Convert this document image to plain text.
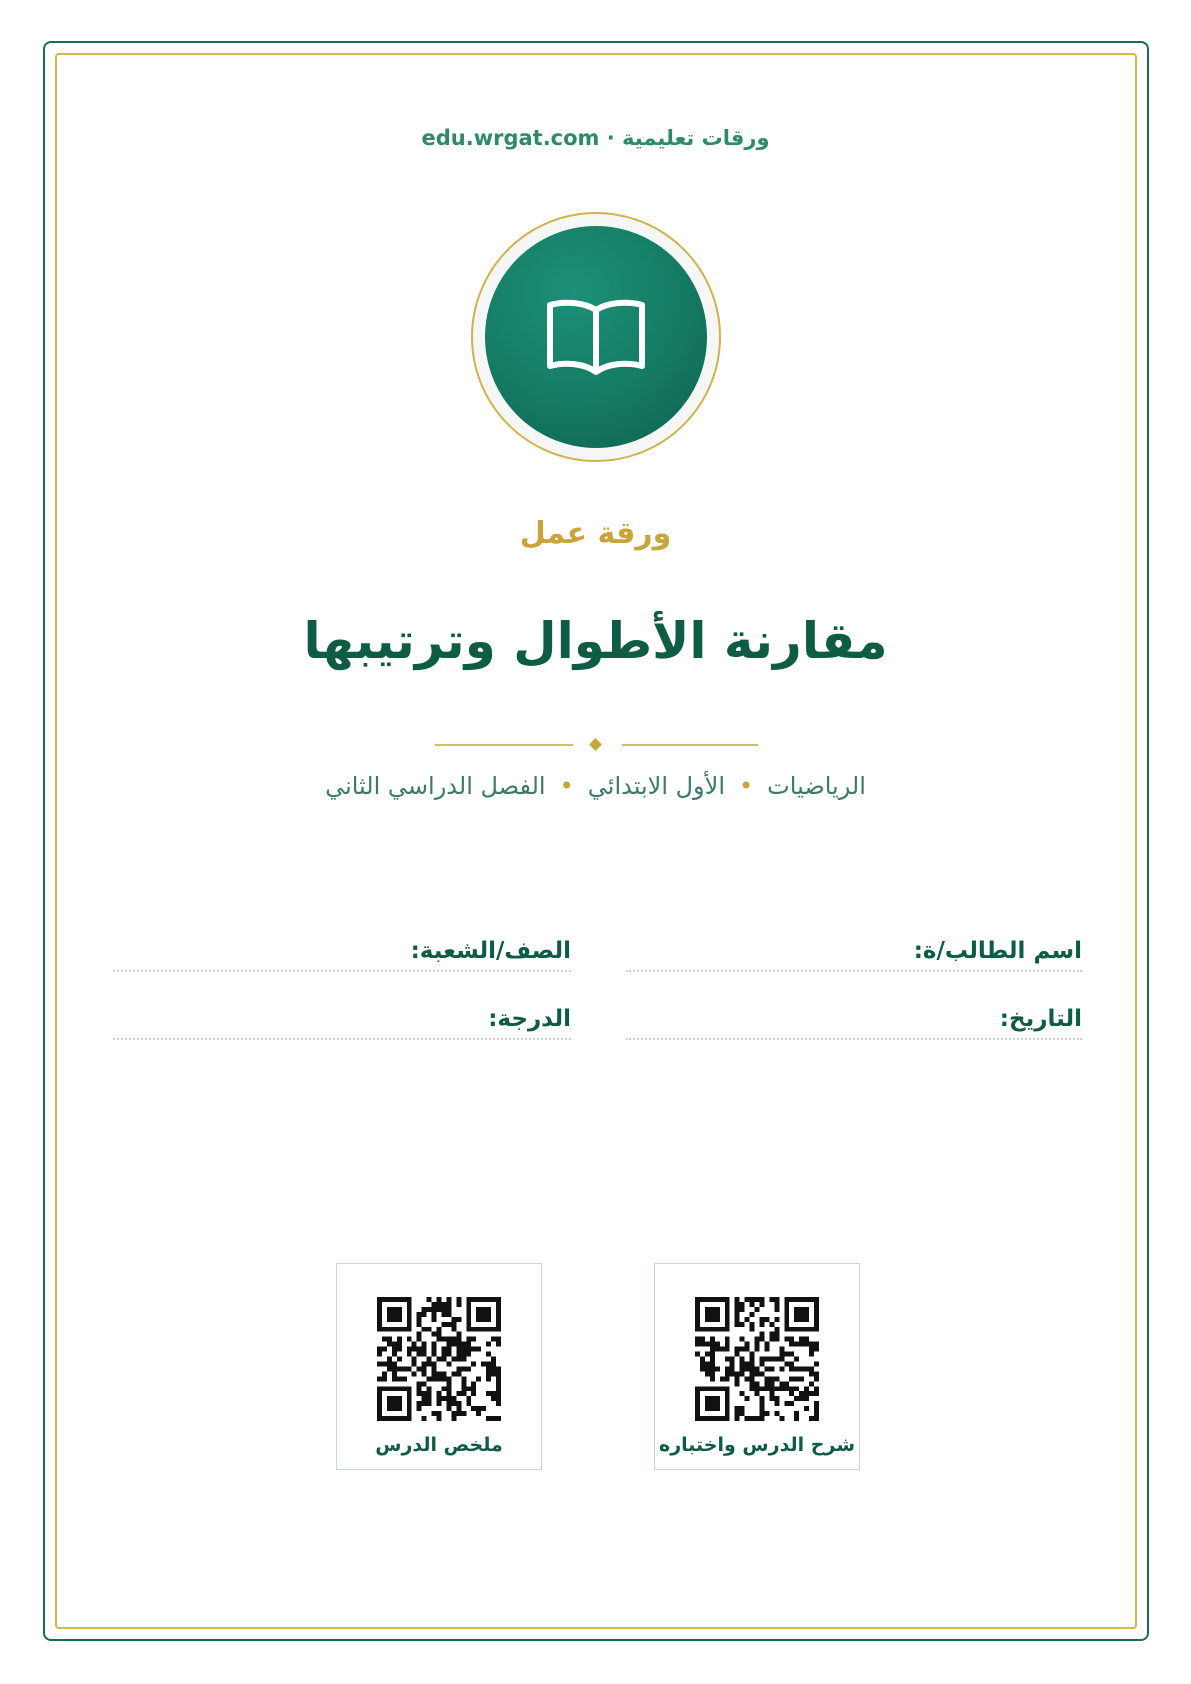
ورقات تعليمية · edu.wrgat.com
ورقة عمل
مقارنة الأطوال وترتيبها
الرياضيات•الأول الابتدائي•الفصل الدراسي الثاني
اسم الطالب/ة:
الصف/الشعبة:
التاريخ:
الدرجة:
شرح الدرس واختباره
ملخص الدرس
